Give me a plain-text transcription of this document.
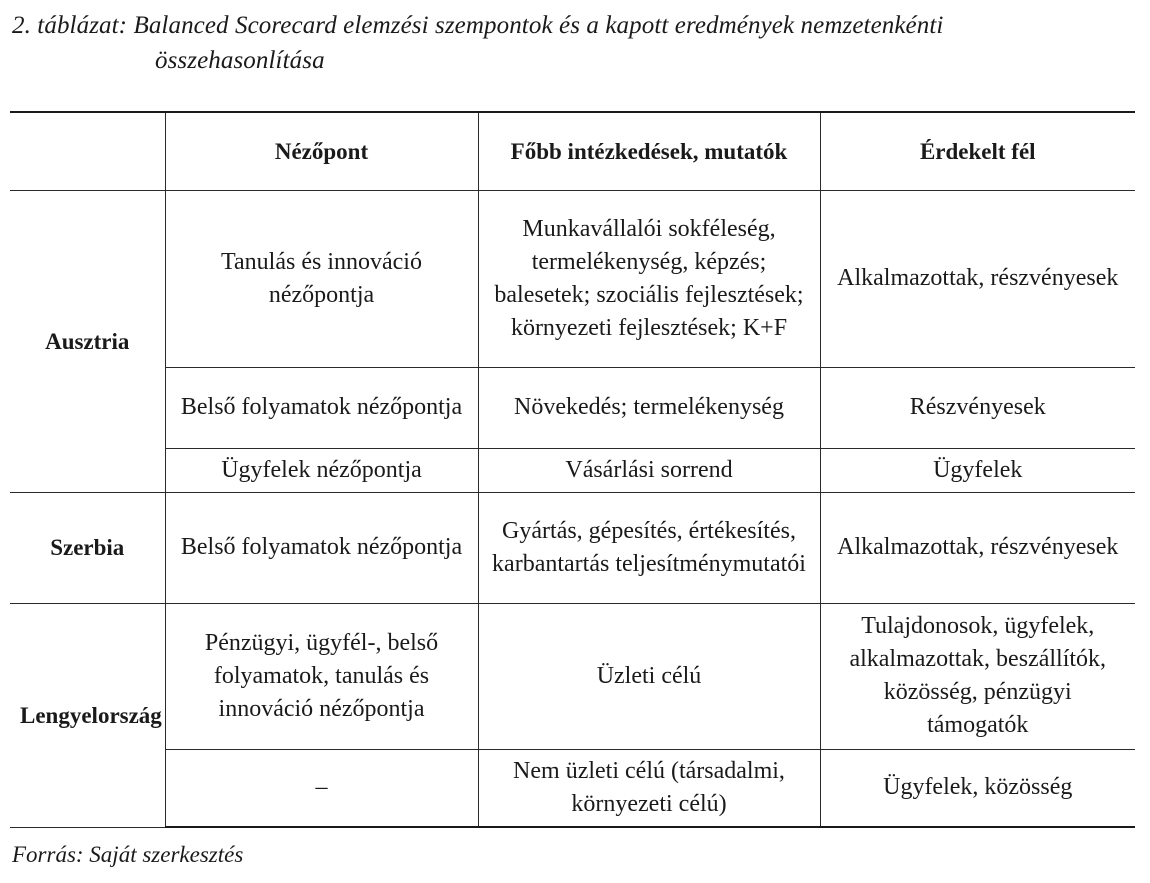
2. táblázat: Balanced Scorecard elemzési szempontok és a kapott eredmények nemzetenkénti
összehasonlítása
	Nézőpont	Főbb intézkedések, mutatók	Érdekelt fél
Ausztria	Tanulás és innováció nézőpontja	Munkavállalói sokféleség, termelékenység, képzés; balesetek; szociális fejlesztések; környezeti fejlesztések; K+F	Alkalmazottak, részvényesek
	Belső folyamatok nézőpontja	Növekedés; termelékenység	Részvényesek
	Ügyfelek nézőpontja	Vásárlási sorrend	Ügyfelek
Szerbia	Belső folyamatok nézőpontja	Gyártás, gépesítés, értékesítés, karbantartás teljesítménymutatói	Alkalmazottak, részvényesek
Lengyelország	Pénzügyi, ügyfél-, belső folyamatok, tanulás és innováció nézőpontja	Üzleti célú	Tulajdonosok, ügyfelek, alkalmazottak, beszállítók, közösség, pénzügyi támogatók
	–	Nem üzleti célú (társadalmi, környezeti célú)	Ügyfelek, közösség
Forrás: Saját szerkesztés
